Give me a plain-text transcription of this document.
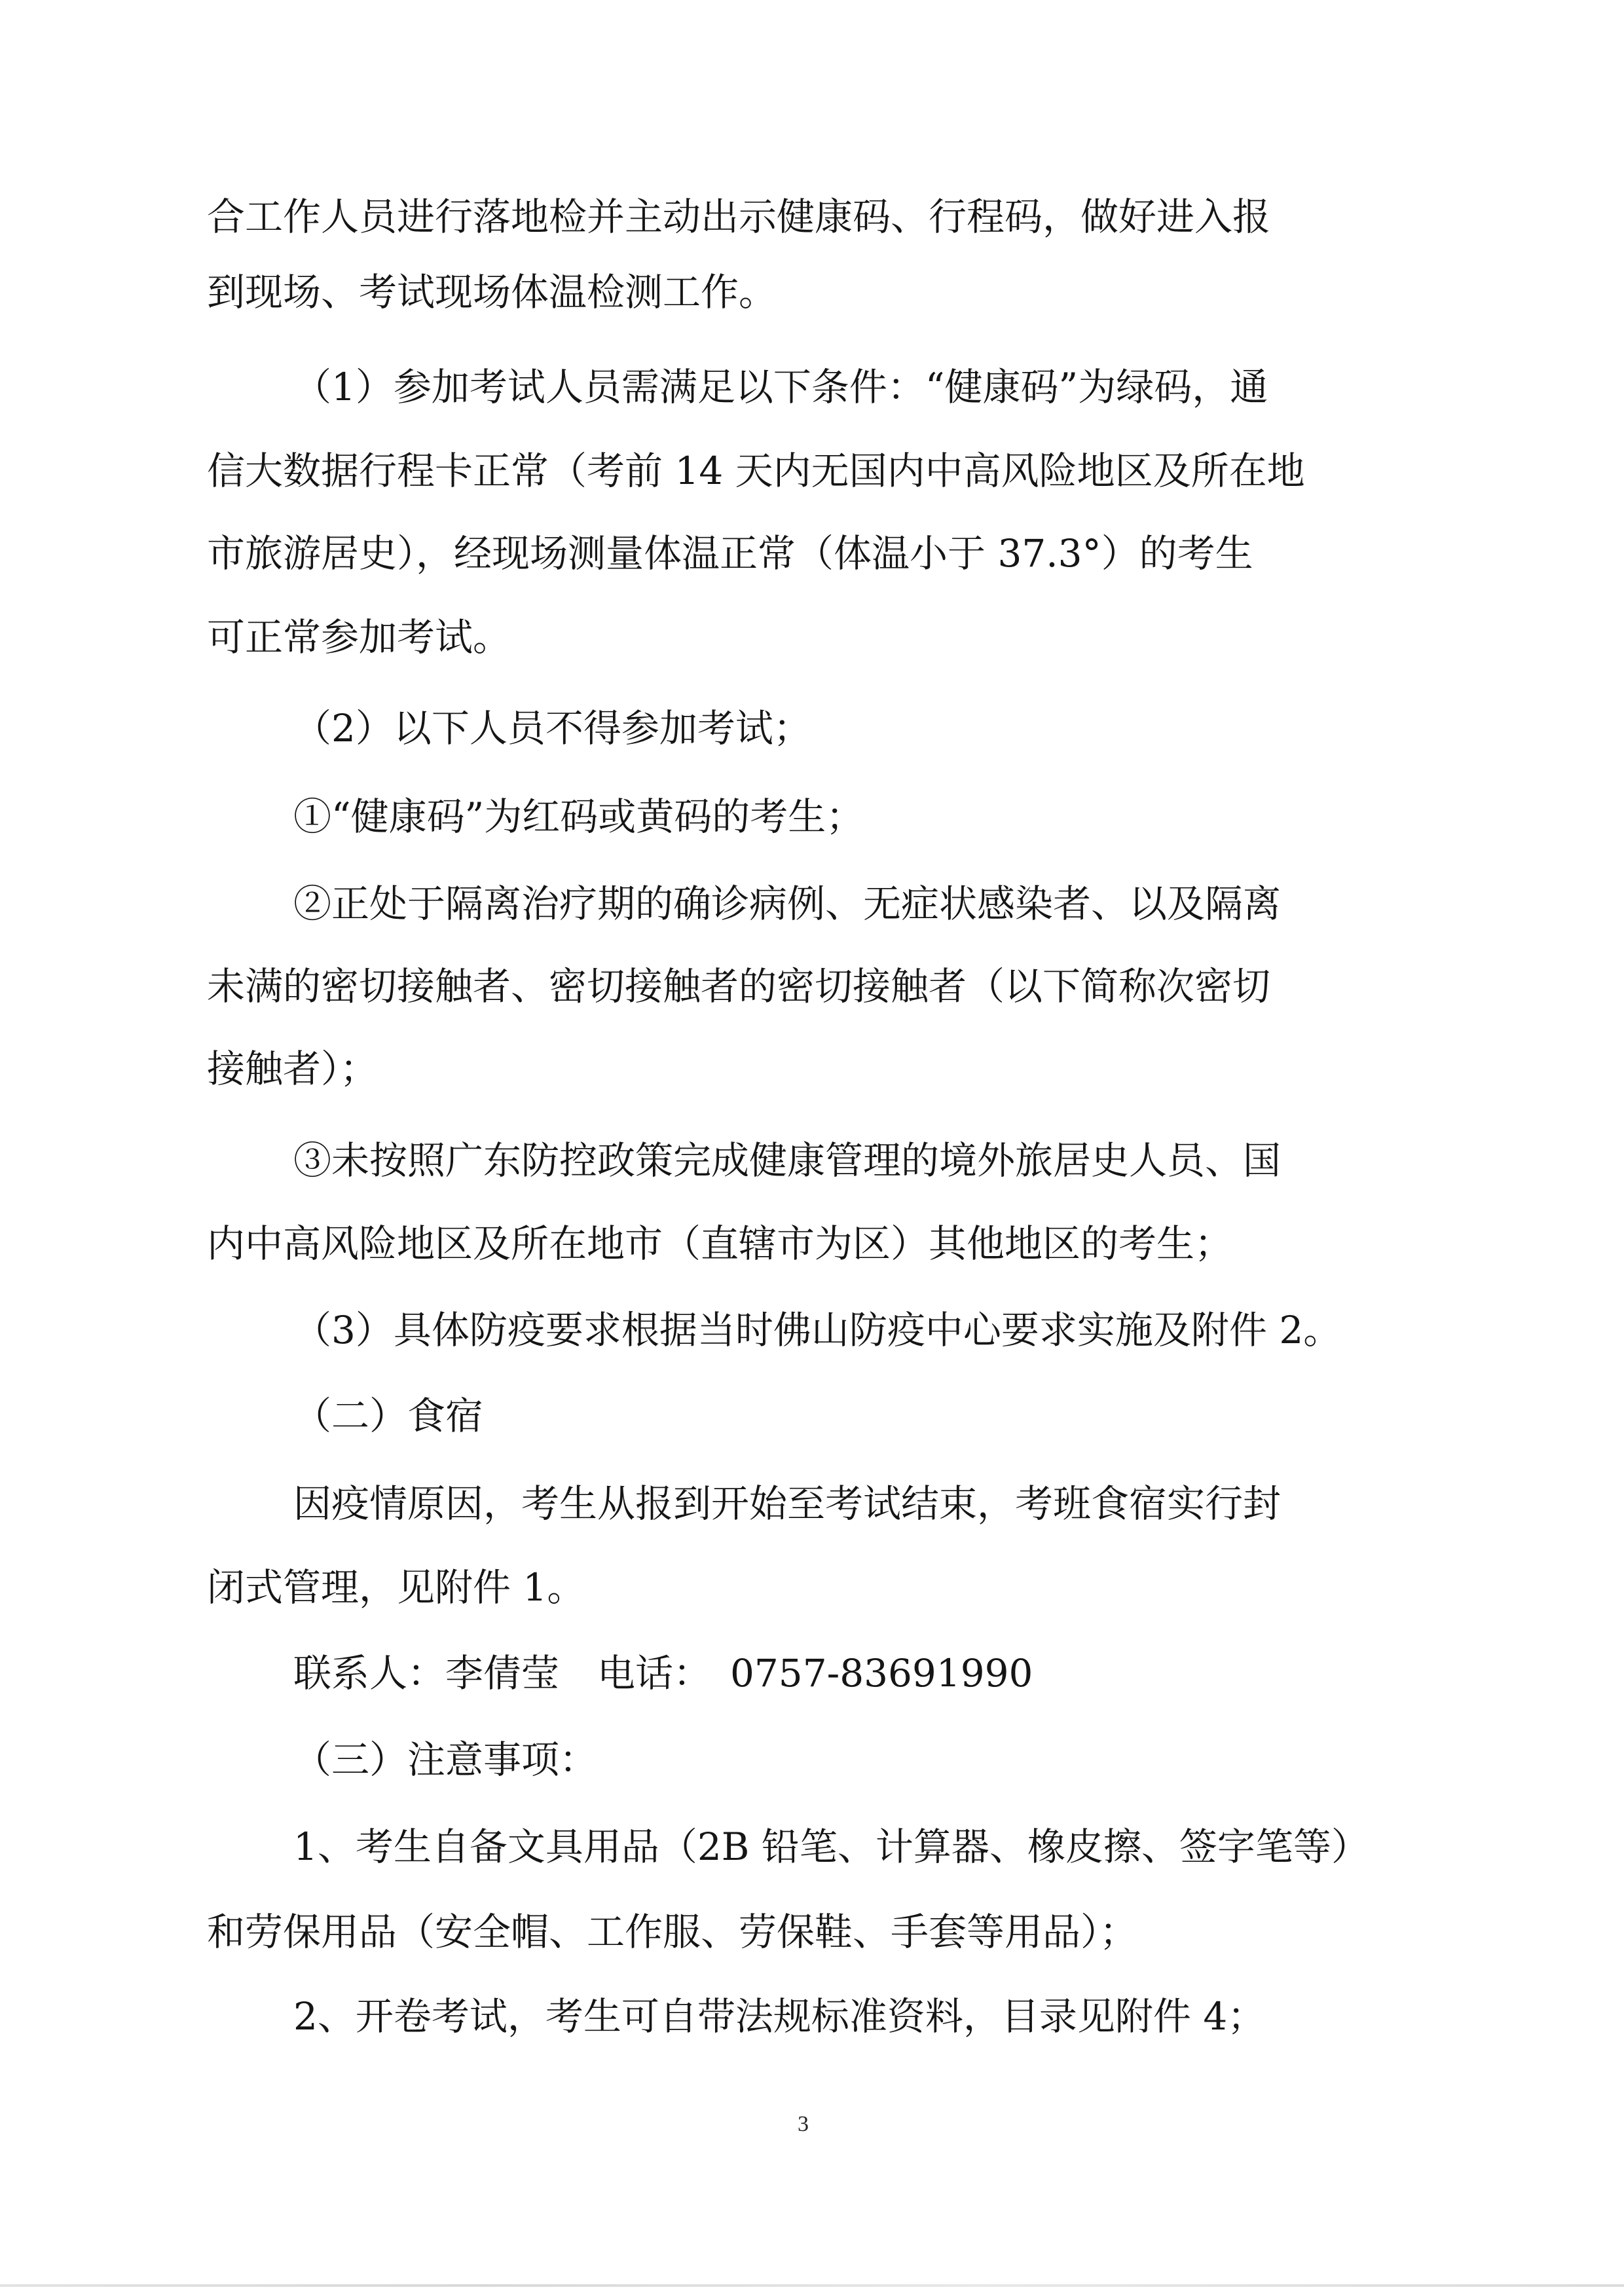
合工作人员进行落地检并主动出示健康码、行程码，做好进入报
到现场、考试现场体温检测工作。
（1）参加考试人员需满足以下条件：“健康码”为绿码，通
信大数据行程卡正常（考前 14 天内无国内中高风险地区及所在地
市旅游居史），经现场测量体温正常（体温小于 37.3°）的考生
可正常参加考试。
（2）以下人员不得参加考试；
①“健康码”为红码或黄码的考生；
②正处于隔离治疗期的确诊病例、无症状感染者、以及隔离
未满的密切接触者、密切接触者的密切接触者（以下简称次密切
接触者）；
③未按照广东防控政策完成健康管理的境外旅居史人员、国
内中高风险地区及所在地市（直辖市为区）其他地区的考生；
（3）具体防疫要求根据当时佛山防疫中心要求实施及附件 2。
（二）食宿
因疫情原因，考生从报到开始至考试结束，考班食宿实行封
闭式管理，见附件 1。
联系人：李倩莹　电话：　0757-83691990
（三）注意事项：
1、考生自备文具用品（2B 铅笔、计算器、橡皮擦、签字笔等）
和劳保用品（安全帽、工作服、劳保鞋、手套等用品）；
2、开卷考试，考生可自带法规标准资料，目录见附件 4；
3
